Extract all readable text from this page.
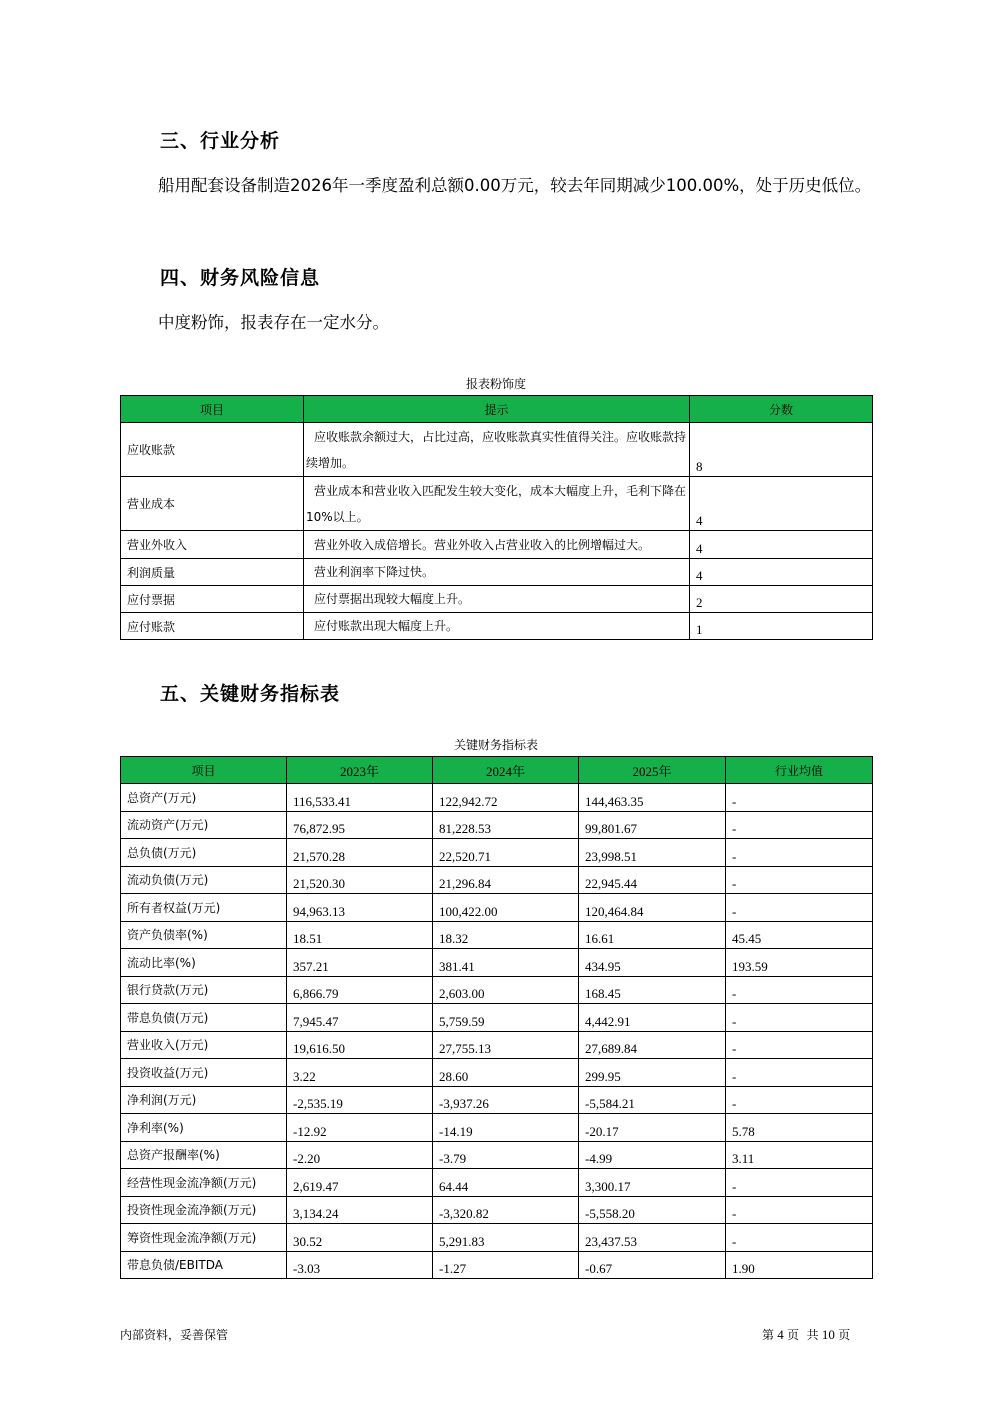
三、行业分析

船用配套设备制造2026年一季度盈利总额0.00万元，较去年同期减少100.00%，处于历史低位。

四、财务风险信息

中度粉饰，报表存在一定水分。

报表粉饰度
项目	提示	分数
应收账款	应收账款余额过大，占比过高，应收账款真实性值得关注。应收账款持续增加。	8
营业成本	营业成本和营业收入匹配发生较大变化，成本大幅度上升，毛利下降在10%以上。	4
营业外收入	营业外收入成倍增长。营业外收入占营业收入的比例增幅过大。	4
利润质量	营业利润率下降过快。	4
应付票据	应付票据出现较大幅度上升。	2
应付账款	应付账款出现大幅度上升。	1
五、关键财务指标表
关键财务指标表
项目	2023年	2024年	2025年	行业均值
总资产(万元)	116,533.41	122,942.72	144,463.35	-
流动资产(万元)	76,872.95	81,228.53	99,801.67	-
总负债(万元)	21,570.28	22,520.71	23,998.51	-
流动负债(万元)	21,520.30	21,296.84	22,945.44	-
所有者权益(万元)	94,963.13	100,422.00	120,464.84	-
资产负债率(%)	18.51	18.32	16.61	45.45
流动比率(%)	357.21	381.41	434.95	193.59
银行贷款(万元)	6,866.79	2,603.00	168.45	-
带息负债(万元)	7,945.47	5,759.59	4,442.91	-
营业收入(万元)	19,616.50	27,755.13	27,689.84	-
投资收益(万元)	3.22	28.60	299.95	-
净利润(万元)	-2,535.19	-3,937.26	-5,584.21	-
净利率(%)	-12.92	-14.19	-20.17	5.78
总资产报酬率(%)	-2.20	-3.79	-4.99	3.11
经营性现金流净额(万元)	2,619.47	64.44	3,300.17	-
投资性现金流净额(万元)	3,134.24	-3,320.82	-5,558.20	-
筹资性现金流净额(万元)	30.52	5,291.83	23,437.53	-
带息负债/EBITDA	-3.03	-1.27	-0.67	1.90
内部资料，妥善保管	第 4 页  共 10 页
